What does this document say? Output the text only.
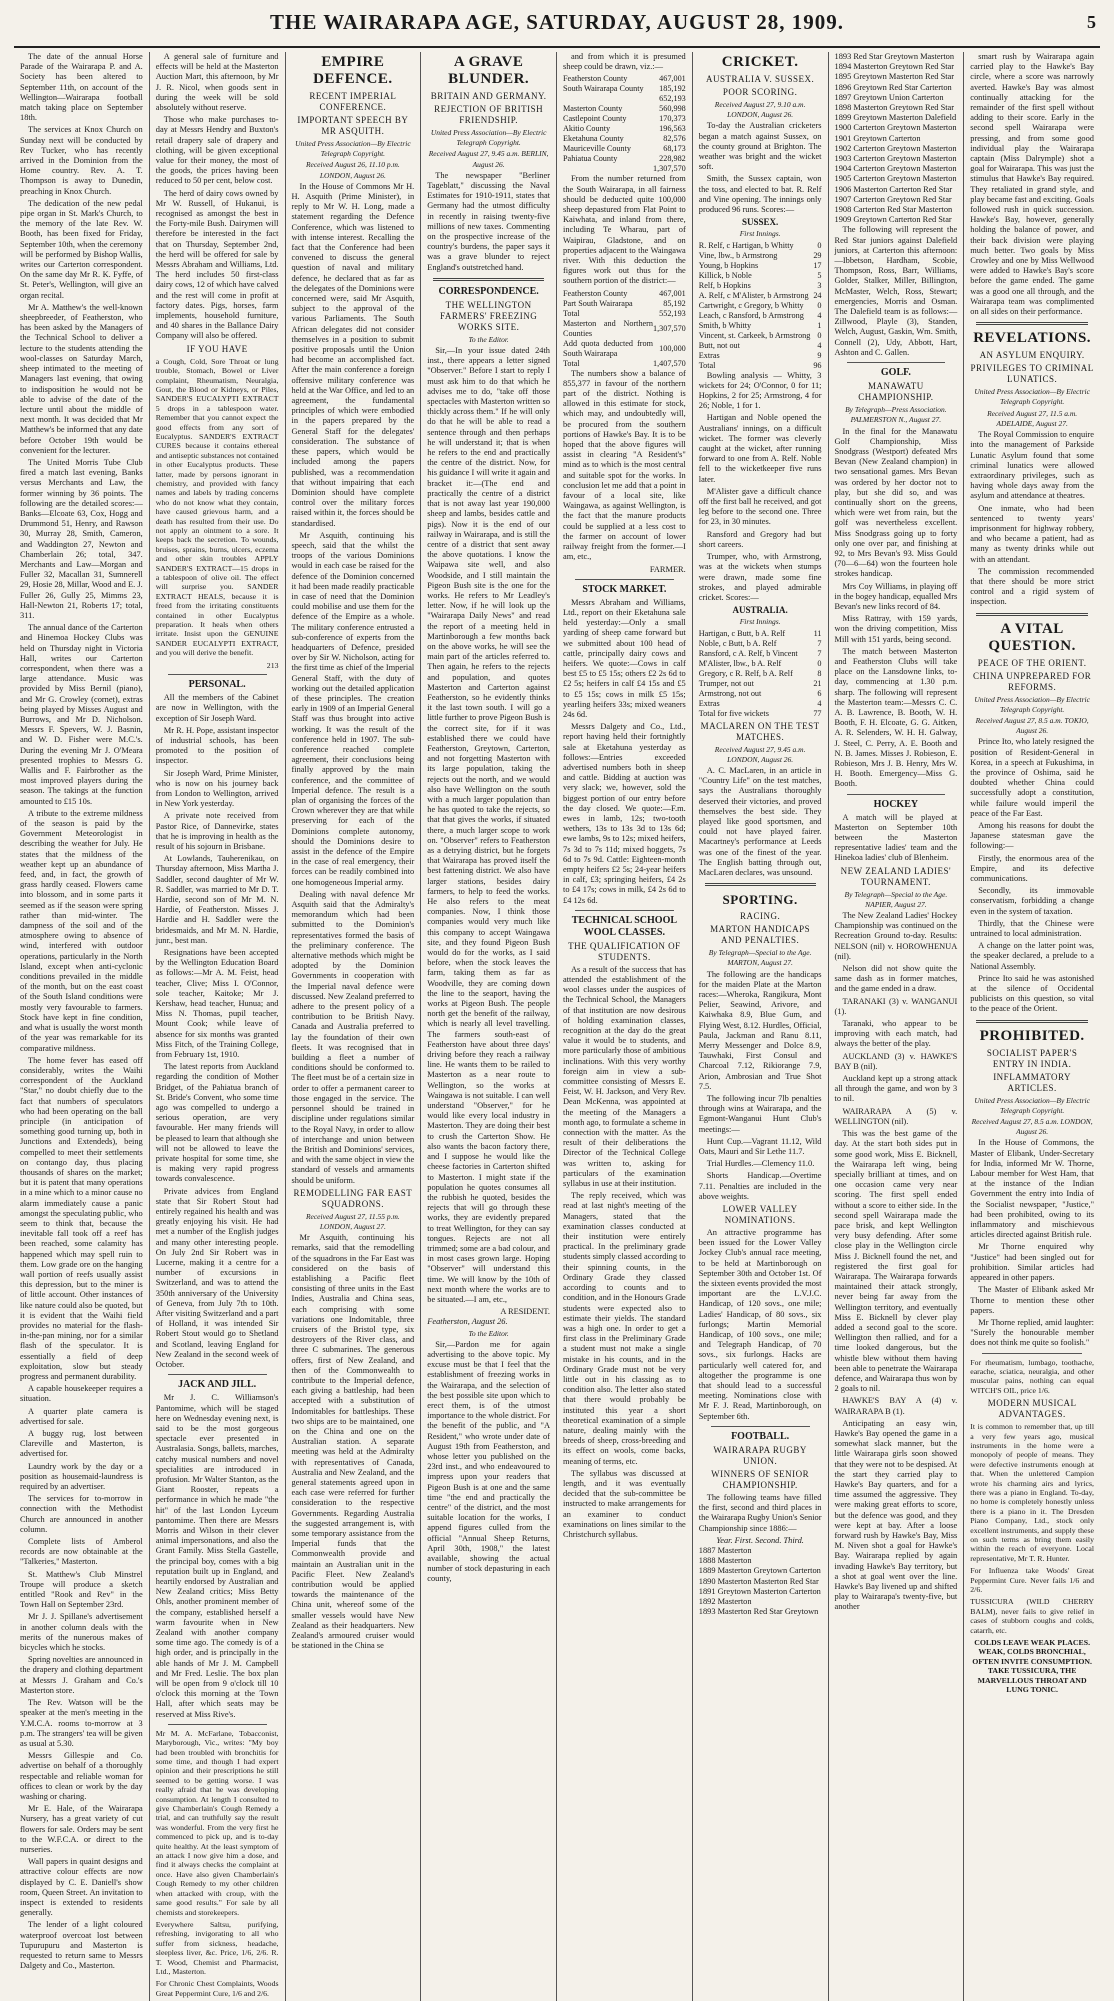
THE WAIRARAPA AGE, SATURDAY, AUGUST 28, 1909.	5

The date of the annual Horse Parade of the Wairarapa P. and A. Society has been altered to September 11th, on account of the Wellington—Wairarapa football match taking place on September 18th.

The services at Knox Church on Sunday next will be conducted by Rev Tucker, who has recently arrived in the Dominion from the Home country. Rev. A. T. Thompson is away to Dunedin, preaching in Knox Church.

The dedication of the new pedal pipe organ in St. Mark's Church, to the memory of the late Rev. W. Booth, has been fixed for Friday, September 10th, when the ceremony will be performed by Bishop Wallis, writes our Carterton correspondent. On the same day Mr R. K. Fyffe, of St. Peter's, Wellington, will give an organ recital.

Mr A. Matthew's the well-known sheepbreeder, of Featherston, who has been asked by the Managers of the Technical School to deliver a lecture to the students attending the wool-classes on Saturday March, sheep intimated to the meeting of Managers last evening, that owing to indisposition he would not be able to advise of the date of the lecture until about the middle of next month. It was decided that Mr Matthew's be informed that any date before October 19th would be convenient for the lecturer.

The United Morris Tube Club fired a match last evening, Banks versus Merchants and Law, the former winning by 36 points. The following are the detailed scores:—Banks—Elcoate 63, Cox, Hogg and Drummond 51, Henry, and Rawson 30, Murray 28, Smith, Cameron, and Waddington 27, Newton and Chamberlain 26; total, 347. Merchants and Law—Morgan and Fuller 32, Macallan 31, Sumnerell 29, Hosie 28, Millar, Wood and E. J. Fuller 26, Gully 25, Mimms 23, Hall-Newton 21, Roberts 17; total, 311.

The annual dance of the Carterton and Hinemoa Hockey Clubs was held on Thursday night in Victoria Hall, writes our Carterton correspondent, when there was a large attendance. Music was provided by Miss Bernil (piano), and Mr G. Crowley (cornet), extras being played by Misses August and Burrows, and Mr D. Nicholson. Messrs F. Spevers, W. J. Basnin, and W. D. Fisher were M.C.'s. During the evening Mr J. O'Meara presented trophies to Messrs G. Wallis and F. Fairbrother as the most improved players during the season. The takings at the function amounted to £15 10s.

A tribute to the extreme mildness of the season is paid by the Government Meteorologist in describing the weather for July. He states that the mildness of the weather kept up an abundance of feed, and, in fact, the growth of grass hardly ceased. Flowers came into blossom, and in some parts it seemed as if the season were spring rather than mid-winter. The dampness of the soil and of the atmosphere owing to absence of wind, interfered with outdoor operations, particularly in the North Island, except when anti-cyclonic conditions prevailed in the middle of the month, but on the east coast of the South Island conditions were mostly very favourable to farmers. Stock have kept in fine condition, and what is usually the worst month of the year was remarkable for its comparative mildness.

The home fever has eased off considerably, writes the Waihi correspondent of the Auckland "Star," no doubt chiefly due to the fact that numbers of speculators who had been operating on the ball principle (in anticipation of something good turning up, both in Junctions and Extendeds), being compelled to meet their settlements on contango day, thus placing thousands of shares on the market; but it is patent that many operations in a mine which to a minor cause no alarm immediately cause a panic amongst the speculating public, who seem to think that, because the inevitable fall took off a reef has been reached, some calamity has happened which may spell ruin to them. Low grade ore on the hanging wall portion of reefs usually assist this depression, but to the miner is of little account. Other instances of like nature could also be quoted, but it is evident that the Waihi field provides no material for the flash-in-the-pan mining, nor for a similar flash of the speculator. It is essentially a field of deep exploitation, slow but steady progress and permanent durability.

A capable housekeeper requires a situation.

A quarter plate camera is advertised for sale.

A buggy rug, lost between Clareville and Masterton, is advertised for.

Laundry work by the day or a position as housemaid-laundress is required by an advertiser.

The services for to-morrow in connection with the Methodist Church are announced in another column.

Complete lists of Amberol records are now obtainable at the "Talkeries," Masterton.

St. Matthew's Club Minstrel Troupe will produce a sketch entitled "Rook and Rev" in the Town Hall on September 23rd.

Mr J. J. Spillane's advertisement in another column deals with the merits of the nunerous makes of bicycles which he stocks.

Spring novelties are announced in the drapery and clothing department at Messrs J. Graham and Co.'s Masterton store.

The Rev. Watson will be the speaker at the men's meeting in the Y.M.C.A. rooms to-morrow at 3 p.m. The strangers' tea will be given as usual at 5.30.

Messrs Gillespie and Co. advertise on behalf of a thoroughly respectable and reliable woman for offices to clean or work by the day washing or charing.

Mr E. Hale, of the Wairarapa Nursery, has a great variety of cut flowers for sale. Orders may be sent to the W.F.C.A. or direct to the nurseries.

Wall papers in quaint designs and attractive colour effects are now displayed by C. E. Daniell's show room, Queen Street. An invitation to inspect is extended to residents generally.

The lender of a light coloured waterproof overcoat lost between Tupurupuru and Masterton is requested to return same to Messrs Dalgety and Co., Masterton.

A general sale of furniture and effects will be held at the Masterton Auction Mart, this afternoon, by Mr J. R. Nicol, when goods sent in during the week will be sold absolutely without reserve.

Those who make purchases to-day at Messrs Hendry and Buxton's retail drapery sale of drapery and clothing, will be given exceptional value for their money, the most of the goods, the prices having been reduced to 50 per cent, below cost.

The herd of dairy cows owned by Mr W. Russell, of Hukanui, is recognised as amongst the best in the Forty-mile Bush. Dairymen will therefore be interested in the fact that on Thursday, September 2nd, the herd will be offered for sale by Messrs Abraham and Williams, Ltd. The herd includes 50 first-class dairy cows, 12 of which have calved and the rest will come in profit at factory dates. Pigs, horses, farm implements, household furniture, and 40 shares in the Ballance Dairy Company will also be offered.

IF YOU HAVE
a Cough, Cold, Sore Throat or lung trouble, Stomach, Bowel or Liver complaint, Rheumatism, Neuralgia, Gout, the Blood or Kidneys, or Piles, SANDER'S EUCALYPTI EXTRACT 5 drops in a tablespoon water. Remember that you cannot expect the good effects from any sort of Eucalyptus. SANDER'S EXTRACT CURES because it contains ethereal and antiseptic substances not contained in other Eucalyptus products. These latter, made by persons ignorant in chemistry, and provided with fancy names and labels by trading concerns who do not know what they contain, have caused grievous harm, and a death has resulted from their use. Do not apply an ointment to a sore. It keeps back the secretion. To wounds, bruises, sprains, burns, ulcers, eczema and other skin troubles APPLY SANDER'S EXTRACT—15 drops in a tablespoon of olive oil. The effect will surprise you. SANDER EXTRACT HEALS, because it is freed from the irritating constituents contained in other Eucalyptus preparation. It heals when others irritate. Insist upon the GENUINE SANDER EUCALYPTI EXTRACT, and you will derive the benefit.
213
PERSONAL.

All the members of the Cabinet are now in Wellington, with the exception of Sir Joseph Ward.

Mr R. H. Pope, assistant inspector of industrial schools, has been promoted to the position of inspector.

Sir Joseph Ward, Prime Minister, who is now on his journey back from London to Wellington, arrived in New York yesterday.

A private note received from Pastor Rice, of Dannevirke, states that he is improving in health as the result of his sojourn in Brisbane.

At Lowlands, Tauherenikau, on Thursday afternoon, Miss Martha J. Saddler, second daughter of Mr W. R. Saddler, was married to Mr D. T. Hardie, second son of Mr M. N. Hardie, of Featherston. Misses J. Hardie and H. Saddler were the bridesmaids, and Mr M. N. Hardie, junr., best man.

Resignations have been accepted by the Wellington Education Board as follows:—Mr A. M. Feist, head teacher, Clive; Miss I. O'Connor, sole teacher, Kaitoke; Mr J. Kershaw, head teacher, Hunua; and Miss N. Thomas, pupil teacher, Mount Cook; while leave of absence for six months was granted Miss Fitch, of the Training College, from February 1st, 1910.

The latest reports from Auckland regarding the condition of Mother Bridget, of the Pahiatua branch of St. Bride's Convent, who some time ago was compelled to undergo a serious operation, are very favourable. Her many friends will be pleased to learn that although she will not be allowed to leave the private hospital for some time, she is making very rapid progress towards convalescence.

Private advices from England state that Sir Robert Stout had entirely regained his health and was greatly enjoying his visit. He had met a number of the English judges and many other interesting people. On July 2nd Sir Robert was in Lucerne, making it a centre for a number of excursions in Switzerland, and was to attend the 350th anniversary of the University of Geneva, from July 7th to 10th. After visiting Switzerland and a part of Holland, it was intended Sir Robert Stout would go to Shetland and Scotland, leaving England for New Zealand in the second week of October.

JACK AND JILL.

Mr J. C. Williamson's Pantomime, which will be staged here on Wednesday evening next, is said to be the most gorgeous spectacle ever presented in Australasia. Songs, ballets, marches, catchy musical numbers and novel specialities are introduced in profusion. Mr Walter Stanton, as the Giant Rooster, repeats a performance in which he made "the hit" of the last London Lyceum pantomime. Then there are Messrs Morris and Wilson in their clever animal impersonations, and also the Grant Family. Miss Stella Gastelle, the principal boy, comes with a big reputation built up in England, and heartily endorsed by Australian and New Zealand critics; Miss Betty Ohls, another prominent member of the company, established herself a warm favourite when in New Zealand with another company some time ago. The comedy is of a high order, and is principally in the able hands of Mr J. M. Campbell and Mr Fred. Leslie. The box plan will be open from 9 o'clock till 10 o'clock this morning at the Town Hall, after which seats may be reserved at Miss Rive's.

Mr M. A. McFarlane, Tobacconist, Maryborough, Vic., writes: "My boy had been troubled with bronchitis for some time, and though I had expert opinion and their prescriptions he still seemed to be getting worse. I was really afraid that he was developing consumption. At length I consulted to give Chamberlain's Cough Remedy a trial, and can truthfully say the result was wonderful. From the very first he commenced to pick up, and is to-day quite healthy. At the least symptom of an attack I now give him a dose, and find it always checks the complaint at once. Have also given Chamberlain's Cough Remedy to my other children when attacked with croup, with the same good results." For sale by all chemists and storekeepers.
Everywhere Saltsu, purifying, refreshing, invigorating to all who suffer from sickness, headache, sleepless liver, &c. Price, 1/6, 2/6. R. T. Wood, Chemist and Pharmacist, Ltd., Masterton.
For Chronic Chest Complaints, Woods Great Peppermint Cure, 1/6 and 2/6.
EMPIRE DEFENCE.
RECENT IMPERIAL CONFERENCE.
IMPORTANT SPEECH BY MR ASQUITH.
United Press Association—By Electric Telegraph Copyright.
Received August 26, 11.10 p.m. LONDON, August 26.

In the House of Commons Mr H. H. Asquith (Prime Minister), in reply to Mr W. H. Long, made a statement regarding the Defence Conference, which was listened to with intense interest. Recalling the fact that the Conference had been convened to discuss the general question of naval and military defence, he declared that as far as the delegates of the Dominions were concerned were, said Mr Asquith, subject to the approval of the various Parliaments. The South African delegates did not consider themselves in a position to submit positive proposals until the Union had become an accomplished fact. After the main conference a foreign offensive military conference was held at the War Office, and led to an agreement, the fundamental principles of which were embodied in the papers prepared by the General Staff for the delegates' consideration. The substance of these papers, which would be included among the papers published, was a recommendation that without impairing that each Dominion should have complete control over the military forces raised within it, the forces should be standardised.

Mr Asquith, continuing his speech, said that the whilst the troops of the various Dominions would in each case be raised for the defence of the Dominion concerned it had been made readily practicable in case of need that the Dominion could mobilise and use them for the defence of the Empire as a whole. The military conference entrusted a sub-conference of experts from the headquarters of Defence, presided over by Sir W. Nicholson, acting for the first time as chief of the Imperial General Staff, with the duty of working out the detailed application of these principles. The creation early in 1909 of an Imperial General Staff was thus brought into active working. It was the result of the conference held in 1907. The sub-conference reached complete agreement, their conclusions being finally approved by the main conference, and the committee of Imperial defence. The result is a plan of organising the forces of the Crown wherever they are that while preserving for each of the Dominions complete autonomy, should the Dominions desire to assist in the defence of the Empire in the case of real emergency, their forces can be readily combined into one homogeneous Imperial army.

Dealing with naval defence Mr Asquith said that the Admiralty's memorandum which had been submitted to the Dominion's representatives formed the basis of the preliminary conference. The alternative methods which might be adopted by the Dominion Governments in cooperation with the Imperial naval defence were discussed. New Zealand preferred to adhere to the present policy of a contribution to be British Navy. Canada and Australia preferred to lay the foundation of their own fleets. It was recognised that in building a fleet a number of conditions should be conformed to. The fleet must be of a certain size in order to offer a permanent career to those engaged in the service. The personnel should be trained in discipline under regulations similar to the Royal Navy, in order to allow of interchange and union between the British and Dominions' services, and with the same object in view the standard of vessels and armaments should be uniform.

REMODELLING FAR EAST SQUADRONS.
Received August 27, 11.55 p.m. LONDON, August 27.

Mr Asquith, continuing his remarks, said that the remodelling of the squadrons in the Far East was considered on the basis of establishing a Pacific fleet consisting of three units in the East Indies, Australia and China seas, each comprising with some variations one Indomitable, three cruisers of the Bristol type, six destroyers of the River class, and three C submarines. The generous offers, first of New Zealand, and then of the Commonwealth to contribute to the Imperial defence, each giving a battleship, had been accepted with a substitution of Indomitables for battleships. These two ships are to be maintained, one on the China and one on the Australian station. A separate meeting was held at the Admiralty with representatives of Canada, Australia and New Zealand, and the general statements agreed upon in each case were referred for further consideration to the respective Governments. Regarding Australia the suggested arrangement is, with some temporary assistance from the Imperial funds that the Commonwealth provide and maintain an Australian unit in the Pacific Fleet. New Zealand's contribution would be applied towards the maintenance of the China unit, whereof some of the smaller vessels would have New Zealand as their headquarters. New Zealand's armoured cruiser would be stationed in the China se

A GRAVE BLUNDER.
BRITAIN AND GERMANY.
REJECTION OF BRITISH FRIENDSHIP.
United Press Association—By Electric Telegraph Copyright.
Received August 27, 9.45 a.m. BERLIN, August 26.

The newspaper "Berliner Tageblatt," discussing the Naval Estimates for 1910-1911, states that Germany had the utmost difficulty in recently in raising twenty-five millions of new taxes. Commenting on the prospective increase of the country's burdens, the paper says it was a grave blunder to reject England's outstretched hand.

CORRESPONDENCE.
THE WELLINGTON FARMERS' FREEZING WORKS SITE.
To the Editor.

Sir,—In your issue dated 24th inst., there appears a letter signed "Observer." Before I start to reply I must ask him to do that which he advises me to do, "take off those spectacles with Masterton written so thickly across them." If he will only do that he will be able to read a sentence through and then perhaps he will understand it; that is when he refers to the end and practically the centre of the district. Now, for his guidance I will write it again and bracket it:—(The end and practically the centre of a district that is not away last year 190,000 sheep and lambs, besides cattle and pigs). Now it is the end of our railway in Wairarapa, and is still the centre of a district that sent away the above quotations. I know the Waipawa site well, and also Woodside, and I still maintain the Pigeon Bush site is the one for the works. He refers to Mr Leadley's letter. Now, if he will look up the "Wairarapa Daily News" and read the report of a meeting held in Martinborough a few months back on the above works, he will see the main part of the articles referred to. Then again, he refers to the rejects and population, and quotes Masterton and Carterton against Featherston, so he evidently thinks it the last town south. I will go a little further to prove Pigeon Bush is the correct site, for if it was established there we could have Featherston, Greytown, Carterton, and not forgetting Masterton with its large population, taking the rejects out the north, and we would also have Wellington on the south with a much larger population than he has quoted to take the rejects, so that that gives the works, if situated there, a much larger scope to work on. "Observer" refers to Featherston as a detrying district, but he forgets that Wairarapa has proved itself the best fattening district. We also have larger stations, besides dairy farmers, to help to feed the works. He also refers to the meat companies. Now, I think those companies would very much like this company to accept Waingawa site, and they found Pigeon Bush would do for the works, as I said before, when the stock leaves the farm, taking them as far as Woodville, they are coming down the line to the seaport, having the works at Pigeon Bush. The people north get the benefit of the railway, which is nearly all level travelling. The farmers south-east of Featherston have about three days' driving before they reach a railway line. He wants them to be railed to Masterton as a near route to Wellington, so the works at Waingawa is not suitable. I can well understand "Observer," for he would like every local industry in Masterton. They are doing their best to crush the Carterton Show. He also wants the bacon factory there, and I suppose he would like the cheese factories in Carterton shifted to Masterton. I might state if the population he quotes consumes all the rubbish he quoted, besides the rejects that will go through these works, they are evidently prepared to treat Wellington, for they can say tongues. Rejects are not all trimmed; some are a bad colour, and in most cases grown large. Hoping "Observer" will understand this time. We will know by the 10th of next month where the works are to be situated.—I am, etc.,

A RESIDENT.
Featherston, August 26.
To the Editor.

Sir,—Pardon me for again advertising to the above topic. My excuse must be that I feel that the establishment of freezing works in the Wairarapa, and the selection of the best possible site upon which to erect them, is of the utmost importance to the whole district. For the benefit of the public, and "A Resident," who wrote under date of August 19th from Featherston, and whose letter you published on the 23rd inst., and who endeavoured to impress upon your readers that Pigeon Bush is at one and the same time "the end and practically the centre" of the district, and the most suitable location for the works, I append figures culled from the official "Annual Sheep Returns, April 30th, 1908," the latest available, showing the actual number of stock depasturing in each county,

and from which it is presumed sheep could be drawn, viz.:—

Featherston County	467,001
South Wairarapa County	185,192
	652,193
Masterton County	560,998
Castlepoint County	170,373
Akitio County	196,563
Eketahuna County	82,576
Mauriceville County	68,173
Pahiatua County	228,982
	1,307,570

From the number returned from the South Wairarapa, in all fairness should be deducted quite 100,000 sheep depastured from Flat Point to Kaiwhata, and inland from there, including Te Wharau, part of Waipirau, Gladstone, and on properties adjacent to the Waingawa river. With this deduction the figures work out thus for the southern portion of the district:—

Featherston County	467,001
Part South Wairarapa	85,192
Total	552,193
Masterton and Northern Counties	1,307,570
Add quota deducted from South Wairarapa	100,000
Total	1,407,570

The numbers show a balance of 855,377 in favour of the northern part of the district. Nothing is allowed in this estimate for stock, which may, and undoubtedly will, be procured from the southern portions of Hawke's Bay. It is to be hoped that the above figures will assist in clearing "A Resident's" mind as to which is the most central and suitable spot for the works. In conclusion let me add that a point in favour of a local site, like Waingawa, as against Wellington, is the fact that the manure products could be supplied at a less cost to the farmer on account of lower railway freight from the former.—I am, etc.,

FARMER.
STOCK MARKET.

Messrs Abraham and Williams, Ltd., report on their Eketahuna sale held yesterday:—Only a small yarding of sheep came forward but we submitted about 100 head of cattle, principally dairy cows and heifers. We quote:—Cows in calf best £5 to £5 15s; others £2 2s 6d to £2 5s; heifers in calf £4 15s and £5 to £5 15s; cows in milk £5 15s; yearling heifers 33s; mixed weaners 24s 6d.

Messrs Dalgety and Co., Ltd., report having held their fortnightly sale at Eketahuna yesterday as follows:—Entries exceeded advertised numbers both in sheep and cattle. Bidding at auction was very slack; we, however, sold the biggest portion of our entry before the day closed. We quote:—F.m. ewes in lamb, 12s; two-tooth wethers, 13s to 13s 3d to 13s 6d; ewe lambs, 9s to 12s; mixed heifers, 7s 3d to 7s 11d; mixed hoggets, 7s 6d to 7s 9d. Cattle: Eighteen-month empty heifers £2 5s; 24-year heifers in calf, £3; springing heifers, £4 2s to £4 17s; cows in milk, £4 2s 6d to £4 12s 6d.

TECHNICAL SCHOOL WOOL CLASSES.
THE QUALIFICATION OF STUDENTS.

As a result of the success that has attended the establishment of the wool classes under the auspices of the Technical School, the Managers of that institution are now desirous of holding examination classes, recognition at the day do the great value it would be to students, and more particularly those of ambitious inclinations. With this very worthy foreign aim in view a sub-committee consisting of Messrs E. Feist, W. H. Jackson, and Very Rev. Dean McKenna, was appointed at the meeting of the Managers a month ago, to formulate a scheme in connection with the matter. As the result of their deliberations the Director of the Technical College was written to, asking for particulars of the examination syllabus in use at their institution.

The reply received, which was read at last night's meeting of the Managers, stated that the examination classes conducted at their institution were entirely practical. In the preliminary grade students simply classed according to their spinning counts, in the Ordinary Grade they classed according to counts and to condition, and in the Honours Grade students were expected also to estimate their yields. The standard was a high one. In order to get a first class in the Preliminary Grade a student must not make a single mistake in his counts, and in the Ordinary Grade must not be very little out in his classing as to condition also. The letter also stated that there would probably be instituted this year a short theoretical examination of a simple nature, dealing mainly with the breeds of sheep, cross-breeding and its effect on wools, come backs, meaning of terms, etc.

The syllabus was discussed at length, and it was eventually decided that the sub-committee be instructed to make arrangements for an examiner to conduct examinations on lines similar to the Christchurch syllabus.

CRICKET.
AUSTRALIA V. SUSSEX.
POOR SCORING.
Received August 27, 9.10 a.m. LONDON, August 26.

To-day the Australian cricketers began a match against Sussex, on the county ground at Brighton. The weather was bright and the wicket soft.

Smith, the Sussex captain, won the toss, and elected to bat. R. Relf and Vine opening. The innings only produced 96 runs. Scores:—

SUSSEX.
First Innings.
R. Relf, c Hartigan, b Whitty	0
Vine, lbw., b Armstrong	29
Young, b Hopkins	17
Killick, b Noble	5
Relf, b Hopkins	3
A. Relf, c M'Alister, b Armstrong	24
Cartwright, c Gregory, b Whitty	0
Leach, c Ransford, b Armstrong	4
Smith, b Whitty	1
Vincent, st. Carkeek, b Armstrong	0
Butt, not out	4
Extras	9
Total	96

Bowling analysis — Whitty, 3 wickets for 24; O'Connor, 0 for 11; Hopkins, 2 for 25; Armstrong, 4 for 26; Noble, 1 for 1.

Hartigan and Noble opened the Australians' innings, on a difficult wicket. The former was cleverly caught at the wicket, after running forward to one from A. Relf. Noble fell to the wicketkeeper five runs later.

M'Alister gave a difficult chance off the first ball he received, and got leg before to the second one. Three for 23, in 30 minutes.

Ransford and Gregory had but short careers.

Trumper, who, with Armstrong, was at the wickets when stumps were drawn, made some fine strokes, and played admirable cricket. Scores:—

AUSTRALIA.
First Innings.
Hartigan, c Butt, b A. Relf	11
Noble, c Butt, b A. Relf	7
Ransford, c A. Relf, b Vincent	7
M'Alister, lbw., b A. Relf	0
Gregory, c R. Relf, b A. Relf	8
Trumper, not out	21
Armstrong, not out	6
Extras	4
Total for five wickets	77
MACLAREN ON THE TEST MATCHES.
Received August 27, 9.45 a.m. LONDON, August 26.

A. C. MacLaren, in an article in "Country Life" on the test matches, says the Australians thoroughly deserved their victories, and proved themselves the best side. They played like good sportsmen, and could not have played fairer. Macartney's performance at Leeds was one of the finest of the year. The English batting through out, MacLaren declares, was unsound.

SPORTING.
RACING.
MARTON HANDICAPS AND PENALTIES.
By Telegraph—Special to the Age. MARTON, August 27.

The following are the handicaps for the maiden Plate at the Marton races:—Wheroka, Rangikura, Mont Pelier, Seawind, Arivore, and Kaiwhaka 8.9, Blue Gum, and Flying West, 8.12. Hurdles, Official, Paula, Jackman and Ranu 8.11, Merry Messenger and Dolce 8.9, Tauwhaki, First Consul and Charcoal 7.12, Rikiorange 7.9, Arion, Ambrosian and True Shot 7.5.

The following incur 7lb penalties through wins at Wairarapa, and the Egmont-Wanganui Hunt Club's meetings:—

Hunt Cup.—Vagrant 11.12, Wild Oats, Mauri and Sir Lethe 11.7.

Trial Hurdles.—Clemency 11.0.

Shorts Handicap.—Overtime 7.11. Penalties are included in the above weights.

LOWER VALLEY NOMINATIONS.

An attractive programme has been issued for the Lower Valley Jockey Club's annual race meeting, to be held at Martinborough on September 30th and October 1st. Of the sixteen events provided the most important are the L.V.J.C. Handicap, of 120 sovs., one mile; Ladies' Handicap, of 80 sovs., six furlongs; Martin Memorial Handicap, of 100 sovs., one mile; and Telegraph Handicap, of 70 sovs., six furlongs. Hacks are particularly well catered for, and altogether the programme is one that should lead to a successful meeting. Nominations close with Mr F. J. Read, Martinborough, on September 6th.

FOOTBALL.
WAIRARAPA RUGBY UNION.
WINNERS OF SENIOR CHAMPIONSHIP.

The following teams have filled the first, second and third places in the Wairarapa Rugby Union's Senior Championship since 1886:—

Year. First. Second. Third.
1887 Masterton
1888 Masterton
1889 Masterton Greytown Carterton
1890 Masterton Masterton Red Star
1891 Greytown Masterton Carterton
1892 Masterton
1893 Masterton Red Star Greytown
1893 Red Star Greytown Masterton
1894 Masterton Greytown Red Star
1895 Greytown Masterton Red Star
1896 Greytown Red Star Carterton
1897 Greytown Union Carterton
1898 Masterton Greytown Red Star
1899 Greytown Masterton Dalefield
1900 Carterton Greytown Masterton
1901 Greytown Carterton
1902 Carterton Greytown Masterton
1903 Carterton Greytown Masterton
1904 Carterton Greytown Masterton
1905 Carterton Greytown Masterton
1906 Masterton Carterton Red Star
1907 Carterton Greytown Red Star
1908 Carterton Red Star Masterton
1909 Greytown Carterton Red Star

The following will represent the Red Star juniors against Dalefield juniors, at Carterton this afternoon:—Ibbetson, Hardham, Scobie, Thompson, Ross, Barr, Williams, Golder, Stalker, Miller, Billington, McMaster, Welch, Ross, Stewart; emergencies, Morris and Osman. The Dalefield team is as follows:—Zillwood, Playle (3), Standen, Welch, August, Gaskin, Wm. Smith, Connell (2), Udy, Abbott, Hart, Ashton and C. Gallen.

GOLF.
MANAWATU CHAMPIONSHIP.
By Telegraph—Press Association. PALMERSTON N., August 27.

In the final for the Manawatu Golf Championship, Miss Snodgrass (Westport) defeated Mrs Bevan (New Zealand champion) in two sensational games. Mrs Bevan was ordered by her doctor not to play, but she did so, and was continually short on the greens, which were wet from rain, but the golf was nevertheless excellent. Miss Snodgrass going up to forty only one over par, and finishing at 92, to Mrs Bevan's 93. Miss Gould (70—6—64) won the fourteen hole strokes handicap.

Mrs Coy Williams, in playing off in the bogey handicap, equalled Mrs Bevan's new links record of 84.

Miss Rattray, with 159 yards, won the driving competition, Miss Mill with 151 yards, being second.

The match between Masterton and Featherston Clubs will take place on the Lansdowne links, to-day, commencing at 1.30 p.m. sharp. The following will represent the Masterton team:—Messrs C. C. A. B. Lawrence, B. Booth, W. H. Booth, F. H. Elcoate, G. G. Aitken, A. R. Selenders, W. H. H. Galway, J. Steel, C. Perry, A. E. Booth and N. B. James. Misses J. Robieson, E. Robieson, Mrs J. B. Henry, Mrs W. H. Booth. Emergency—Miss G. Booth.

HOCKEY

A match will be played at Masterton on September 10th between the Masterton representative ladies' team and the Hinekoa ladies' club of Blenheim.

NEW ZEALAND LADIES' TOURNAMENT.
By Telegraph—Special to the Age. NAPIER, August 27.

The New Zealand Ladies' Hockey Championship was continued on the Recreation Ground to-day. Results: NELSON (nil) v. HOROWHENUA (nil).

Nelson did not show quite the same dash as in former matches, and the game ended in a draw.

TARANAKI (3) v. WANGANUI (1).

Taranaki, who appear to be improving with each match, had always the better of the play.

AUCKLAND (3) v. HAWKE'S BAY B (nil).

Auckland kept up a strong attack all through the game, and won by 3 to nil.

WAIRARAPA A (5) v. WELLINGTON (nil).

This was the best game of the day. At the start both sides put in some good work, Miss E. Bicknell, the Wairarapa left wing, being specially brilliant at times, and on one occasion came very near scoring. The first spell ended without a score to either side. In the second spell Wairarapa made the pace brisk, and kept Wellington very busy defending. After some close play in the Wellington circle Miss J. Bicknell found the net, and registered the first goal for Wairarapa. The Wairarapa forwards maintained their attack strongly, never being far away from the Wellington territory, and eventually Miss E. Bicknell by clever play added a second goal to the score. Wellington then rallied, and for a time looked dangerous, but the whistle blew without them having been able to penetrate the Wairarapa defence, and Wairarapa thus won by 2 goals to nil.

HAWKE'S BAY A (4) v. WAIRARAPA B (1).

Anticipating an easy win, Hawke's Bay opened the game in a somewhat slack manner, but the little Wairarapa girls soon showed that they were not to be despised. At the start they carried play to Hawke's Bay quarters, and for a time assumed the aggressive. They were making great efforts to score, but the defence was good, and they were kept at bay. After a loose forward rush by Hawke's Bay, Miss M. Niven shot a goal for Hawke's Bay. Wairarapa replied by again invading Hawke's Bay territory, but a shot at goal went over the line. Hawke's Bay livened up and shifted play to Wairarapa's twenty-five, but another

smart rush by Wairarapa again carried play to the Hawke's Bay circle, where a score was narrowly averted. Hawke's Bay was almost continually attacking for the remainder of the first spell without adding to their score. Early in the second spell Wairarapa were pressing, and from some good individual play the Wairarapa captain (Miss Dalrymple) shot a goal for Wairarapa. This was just the stimulus that Hawke's Bay required. They retaliated in grand style, and play became fast and exciting. Goals followed rush in quick succession. Hawke's Bay, however, generally holding the balance of power, and their back division were playing much better. Two goals by Miss Crowley and one by Miss Wellwood were added to Hawke's Bay's score before the game ended. The game was a good one all through, and the Wairarapa team was complimented on all sides on their performance.

REVELATIONS.
AN ASYLUM ENQUIRY.
PRIVILEGES TO CRIMINAL LUNATICS.
United Press Association—By Electric Telegraph Copyright.
Received August 27, 11.5 a.m. ADELAIDE, August 27.

The Royal Commission to enquire into the management of Parkside Lunatic Asylum found that some criminal lunatics were allowed extraordinary privileges, such as having whole days away from the asylum and attendance at theatres.

One inmate, who had been sentenced to twenty years' imprisonment for highway robbery, and who became a patient, had as many as twenty drinks while out with an attendant.

The commission recommended that there should be more strict control and a rigid system of inspection.

A VITAL QUESTION.
PEACE OF THE ORIENT.
CHINA UNPREPARED FOR REFORMS.
United Press Association—By Electric Telegraph Copyright.
Received August 27, 8.5 a.m. TOKIO, August 26.

Prince Ito, who lately resigned the position of Resident-General in Korea, in a speech at Fukushima, in the province of Oshima, said he doubted whether China could successfully adopt a constitution, while failure would imperil the peace of the Far East.

Among his reasons for doubt the Japanese statesman gave the following:—

Firstly, the enormous area of the Empire, and its defective communications.

Secondly, its immovable conservatism, forbidding a change even in the system of taxation.

Thirdly, that the Chinese were untrained to local administration.

A change on the latter point was, the speaker declared, a prelude to a National Assembly.

Prince Ito said he was astonished at the silence of Occidental publicists on this question, so vital to the peace of the Orient.

PROHIBITED.
SOCIALIST PAPER'S ENTRY IN INDIA.
INFLAMMATORY ARTICLES.
United Press Association—By Electric Telegraph Copyright.
Received August 27, 8.5 a.m. LONDON, August 26.

In the House of Commons, the Master of Elibank, Under-Secretary for India, informed Mr W. Thorne, Labour member for West Ham, that at the instance of the Indian Government the entry into India of the Socialist newspaper, "Justice," had been prohibited, owing to its inflammatory and mischievous articles directed against British rule.

Mr Thorne enquired why "Justice" had been singled out for prohibition. Similar articles had appeared in other papers.

The Master of Elibank asked Mr Thorne to mention these other papers.

Mr Thorne replied, amid laughter: "Surely the honourable member does not think me quite so foolish."

For rheumatism, lumbago, toothache, earache, sciatica, neuralgia, and other muscular pains, nothing can equal WITCH'S OIL, price 1/6.
MODERN MUSICAL ADVANTAGES.
It is common to remember that, up till a very few years ago, musical instruments in the home were a monopoly of people of means. They were defective instruments enough at that. When the unlettered Campion wrote his charming airs and lyrics, there was a piano in England. To-day, no home is completely honestly unless there is a piano in it. The Dresden Piano Company, Ltd., stock only excellent instruments, and supply these on such terms as bring them easily within the reach of everyone. Local representative, Mr T. R. Hunter.
For Influenza take Woods' Great Peppermint Cure. Never fails 1/6 and 2/6.
TUSSICURA (WILD CHERRY BALM), never fails to give relief in cases of stubborn coughs and colds, catarrh, etc.
COLDS LEAVE WEAK PLACES. WEAK, COLDS BRONCHIAL, OFTEN INVITE CONSUMPTION. TAKE TUSSICURA, THE MARVELLOUS THROAT AND LUNG TONIC.
